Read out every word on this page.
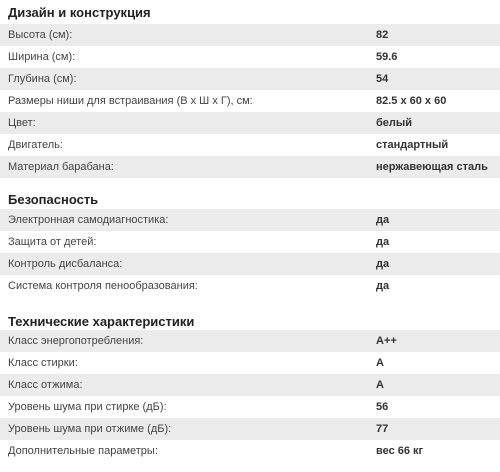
Дизайн и конструкция
Высота (см):	82
Ширина (см):	59.6
Глубина (см):	54
Размеры ниши для встраивания (В x Ш x Г), см:	82.5 x 60 x 60
Цвет:	белый
Двигатель:	стандартный
Материал барабана:	нержавеющая сталь
Безопасность
Электронная самодиагностика:	да
Защита от детей:	да
Контроль дисбаланса:	да
Система контроля пенообразования:	да
Технические характеристики
Класс энергопотребления:	A++
Класс стирки:	A
Класс отжима:	A
Уровень шума при стирке (дБ):	56
Уровень шума при отжиме (дБ):	77
Дополнительные параметры:	вес 66 кг
